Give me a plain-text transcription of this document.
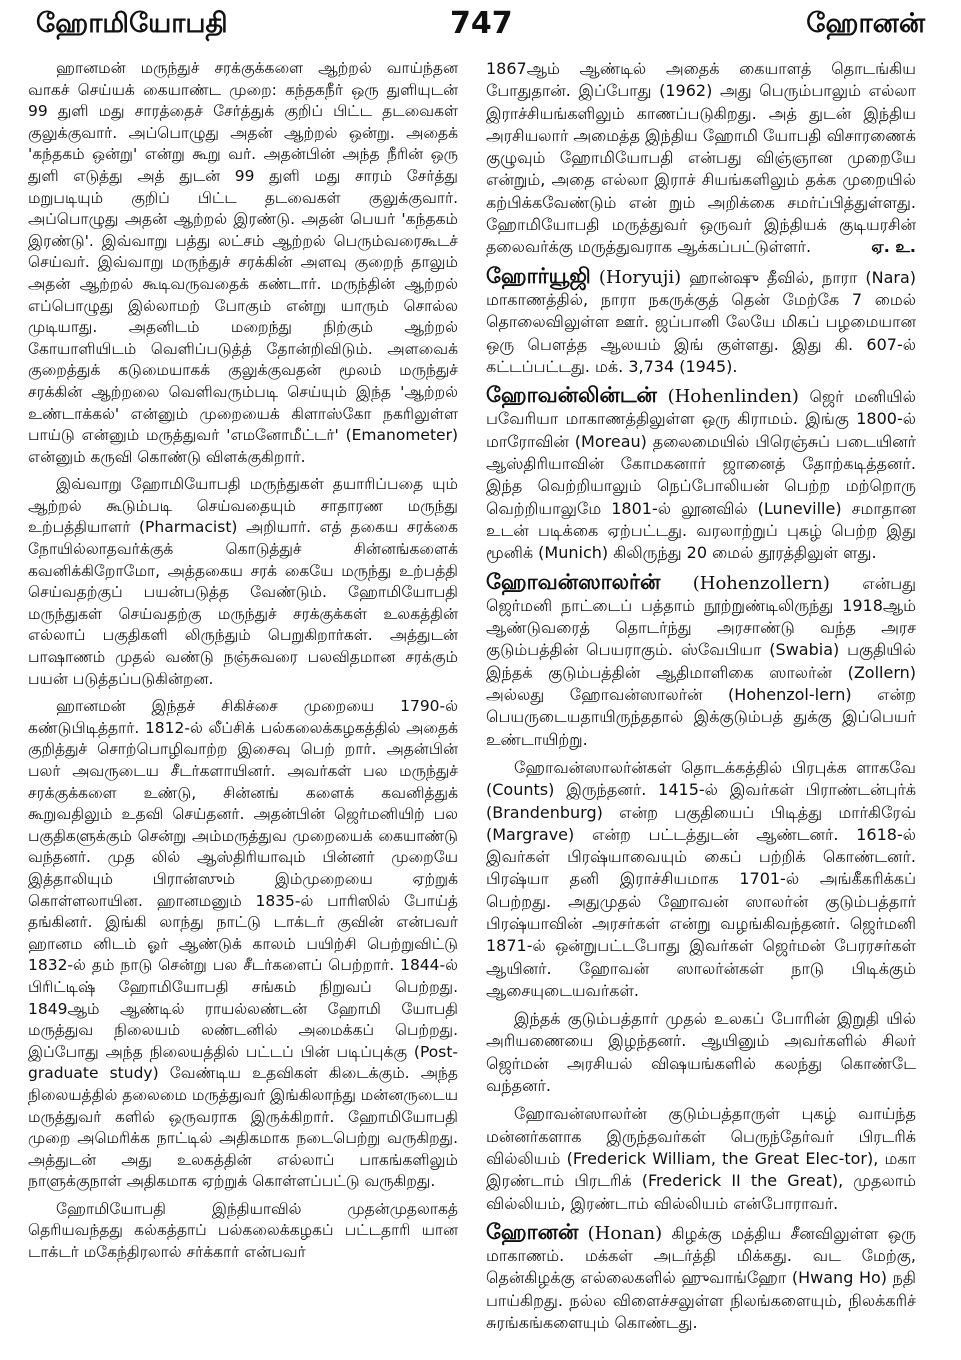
ஹோமியோபதி	747	ஹோனன்

ஹானமன் மருந்துச் சரக்குக்களை ஆற்றல் வாய்ந்தன வாகச் செய்யக் கையாண்ட முறை: கந்தகநீர் ஒரு துளியுடன் 99 துளி மது சாரத்தைச் சேர்த்துக் குறிப் பிட்ட தடவைகள் குலுக்குவார். அப்பொழுது அதன் ஆற்றல் ஒன்று. அதைக் 'கந்தகம் ஒன்று' என்று கூறு வர். அதன்பின் அந்த நீரின் ஒரு துளி எடுத்து அத் துடன் 99 துளி மது சாரம் சேர்த்து மறுபடியும் குறிப் பிட்ட தடவைகள் குலுக்குவார். அப்பொழுது அதன் ஆற்றல் இரண்டு. அதன் பெயர் 'கந்தகம் இரண்டு'. இவ்வாறு பத்து லட்சம் ஆற்றல் பெரும்வரைகூடச் செய்வர். இவ்வாறு மருந்துச் சரக்கின் அளவு குறைந் தாலும் அதன் ஆற்றல் கூடிவருவதைக் கண்டார். மருந்தின் ஆற்றல் எப்பொழுது இல்லாமற் போகும் என்று யாரும் சொல்ல முடியாது. அதனிடம் மறைந்து நிற்கும் ஆற்றல் கோயாளியிடம் வெளிப்படுத்த் தோன்றிவிடும். அளவைக் குறைத்துக் கடுமையாகக் குலுக்குவதன் மூலம் மருந்துச் சரக்கின் ஆற்றலை வெளிவரும்படி செய்யும் இந்த 'ஆற்றல் உண்டாக்கல்' என்னும் முறையைக் கிளாஸ்கோ நகரிலுள்ள பாய்டு என்னும் மருத்துவர் 'எமனோமீட்டர்' (Emanometer) என்னும் கருவி கொண்டு விளக்குகிறார்.

இவ்வாறு ஹோமியோபதி மருந்துகள் தயாரிப்பதை யும் ஆற்றல் கூடும்படி செய்வதையும் சாதாரண மருந்து உற்பத்தியாளர் (Pharmacist) அறியார். எத் தகைய சரக்கை நோயில்லாதவர்க்குக் கொடுத்துச் சின்னங்களைக் கவனிக்கிறோமோ, அத்தகைய சரக் கையே மருந்து உற்பத்தி செய்வதற்குப் பயன்படுத்த வேண்டும். ஹோமியோபதி மருந்துகள் செய்வதற்கு மருந்துச் சரக்குக்கள் உலகத்தின் எல்லாப் பகுதிகளி லிருந்தும் பெறுகிறார்கள். அத்துடன் பாஷாணம் முதல் வண்டு நஞ்சுவரை பலவிதமான சரக்கும் பயன் படுத்தப்படுகின்றன.

ஹானமன் இந்தச் சிகிச்சை முறையை 1790-ல் கண்டுபிடித்தார். 1812-ல் லீப்சிக் பல்கலைக்கழகத்தில் அதைக் குறித்துச் சொற்பொழிவாற்ற இசைவு பெற் றார். அதன்பின் பலர் அவருடைய சீடர்களாயினர். அவர்கள் பல மருந்துச் சரக்குக்களை உண்டு, சின்னங் களைக் கவனித்துக் கூறுவதிலும் உதவி செய்தனர். அதன்பின் ஜெர்மனியிற் பல பகுதிகளுக்கும் சென்று அம்மருத்துவ முறையைக் கையாண்டு வந்தனர். முத லில் ஆஸ்திரியாவும் பின்னர் முறையே இத்தாலியும் பிரான்ஸும் இம்முறையை ஏற்றுக் கொள்ளலாயின. ஹானமனும் 1835-ல் பாரிஸில் போய்த் தங்கினர். இங்கி லாந்து நாட்டு டாக்டர் குவின் என்பவர் ஹானம னிடம் ஓர் ஆண்டுக் காலம் பயிற்சி பெற்றுவிட்டு 1832-ல் தம் நாடு சென்று பல சீடர்களைப் பெற்றார். 1844-ல் பிரிட்டிஷ் ஹோமியோபதி சங்கம் நிறுவப் பெற்றது. 1849ஆம் ஆண்டில் ராயல்லண்டன் ஹோமி யோபதி மருத்துவ நிலையம் லண்டனில் அமைக்கப் பெற்றது. இப்போது அந்த நிலையத்தில் பட்டப் பின் படிப்புக்கு (Post-graduate study) வேண்டிய உதவிகள் கிடைக்கும். அந்த நிலையத்தில் தலைமை மருத்துவர் இங்கிலாந்து மன்னருடைய மருத்துவர் களில் ஒருவராக இருக்கிறார். ஹோமியோபதி முறை அமெரிக்க நாட்டில் அதிகமாக நடைபெற்று வருகிறது. அத்துடன் அது உலகத்தின் எல்லாப் பாகங்களிலும் நாளுக்குநாள் அதிகமாக ஏற்றுக் கொள்ளப்பட்டு வருகிறது.

ஹோமியோபதி இந்தியாவில் முதன்முதலாகத் தெரியவந்தது கல்கத்தாப் பல்கலைக்கழகப் பட்டதாரி யான டாக்டர் மகேந்திரலால் சர்க்கார் என்பவர்

1867ஆம் ஆண்டில் அதைக் கையாளத் தொடங்கிய போதுதான். இப்போது (1962) அது பெரும்பாலும் எல்லா இராச்சியங்களிலும் காணப்படுகிறது. அத் துடன் இந்திய அரசியலார் அமைத்த இந்திய ஹோமி யோபதி விசாரணைக் குழுவும் ஹோமியோபதி என்பது விஞ்ஞான முறையே என்றும், அதை எல்லா இராச் சியங்களிலும் தக்க முறையில் கற்பிக்கவேண்டும் என் றும் அறிக்கை சமர்ப்பித்துள்ளது. ஹோமியோபதி மருத்துவர் ஒருவர் இந்தியக் குடியரசின் தலைவர்க்கு மருத்துவராக ஆக்கப்பட்டுள்ளர்.	ஏ. உ.

ஹோர்யூஜி (Horyuji) ஹான்ஷு தீவில், நாரா (Nara) மாகாணத்தில், நாரா நகருக்குத் தென் மேற்கே 7 மைல் தொலைவிலுள்ள ஊர். ஜப்பானி லேயே மிகப் பழமையான ஒரு பௌத்த ஆலயம் இங் குள்ளது. இது கி. 607-ல் கட்டப்பட்டது. மக். 3,734 (1945).

ஹோவன்லின்டன் (Hohenlinden) ஜெர் மனியில் பவேரியா மாகாணத்திலுள்ள ஒரு கிராமம். இங்கு 1800-ல் மாரோவின் (Moreau) தலைமையில் பிரெஞ்சுப் படையினர் ஆஸ்திரியாவின் கோமகனார் ஜானைத் தோற்கடித்தனர். இந்த வெற்றியாலும் நெப்போலியன் பெற்ற மற்றொரு வெற்றியாலுமே 1801-ல் லூனவில் (Luneville) சமாதான உடன் படிக்கை ஏற்பட்டது. வரலாற்றுப் புகழ் பெற்ற இது மூனிக் (Munich) கிலிருந்து 20 மைல் தூரத்திலுள் ளது.

ஹோவன்ஸாலர்ன் (Hohenzollern) என்பது ஜெர்மனி நாட்டைப் பத்தாம் நூற்றுண்டிலிருந்து 1918ஆம் ஆண்டுவரைத் தொடர்ந்து அரசாண்டு வந்த அரச குடும்பத்தின் பெயராகும். ஸ்வேபியா (Swabia) பகுதியில் இந்தக் குடும்பத்தின் ஆதிமாளிகை ஸாலர்ன் (Zollern) அல்லது ஹோவன்ஸாலர்ன் (Hohenzol-lern) என்ற பெயருடையதாயிருந்ததால் இக்குடும்பத் துக்கு இப்பெயர் உண்டாயிற்று.

ஹோவன்ஸாலர்ன்கள் தொடக்கத்தில் பிரபுக்க ளாகவே (Counts) இருந்தனர். 1415-ல் இவர்கள் பிராண்டன்புர்க் (Brandenburg) என்ற பகுதியைப் பிடித்து மார்கிரேவ் (Margrave) என்ற பட்டத்துடன் ஆண்டனர். 1618-ல் இவர்கள் பிரஷ்யாவையும் கைப் பற்றிக் கொண்டனர். பிரஷ்யா தனி இராச்சியமாக 1701-ல் அங்கீகரிக்கப் பெற்றது. அதுமுதல் ஹோவன் ஸாலர்ன் குடும்பத்தார் பிரஷ்யாவின் அரசர்கள் என்று வழங்கிவந்தனர். ஜெர்மனி 1871-ல் ஒன்றுபட்டபோது இவர்கள் ஜெர்மன் பேரரசர்கள் ஆயினர். ஹோவன் ஸாலர்ன்கள் நாடு பிடிக்கும் ஆசையுடையவர்கள்.

இந்தக் குடும்பத்தார் முதல் உலகப் போரின் இறுதி யில் அரியணையை இழந்தனர். ஆயினும் அவர்களில் சிலர் ஜெர்மன் அரசியல் விஷயங்களில் கலந்து கொண்டே வந்தனர்.

ஹோவன்ஸாலர்ன் குடும்பத்தாருள் புகழ் வாய்ந்த மன்னர்களாக இருந்தவர்கள் பெருந்தேர்வர் பிரடரிக் வில்லியம் (Frederick William, the Great Elec-tor), மகா இரண்டாம் பிரடரிக் (Frederick II the Great), முதலாம் வில்லியம், இரண்டாம் வில்லியம் என்போராவர்.

ஹோனன் (Honan) கிழக்கு மத்திய சீனவிலுள்ள ஒரு மாகாணம். மக்கள் அடர்த்தி மிக்கது. வட மேற்கு, தென்கிழக்கு எல்லைகளில் ஹுவாங்ஹோ (Hwang Ho) நதி பாய்கிறது. நல்ல விளைச்சலுள்ள நிலங்களையும், நிலக்கரிச் சுரங்கங்களையும் கொண்டது.
